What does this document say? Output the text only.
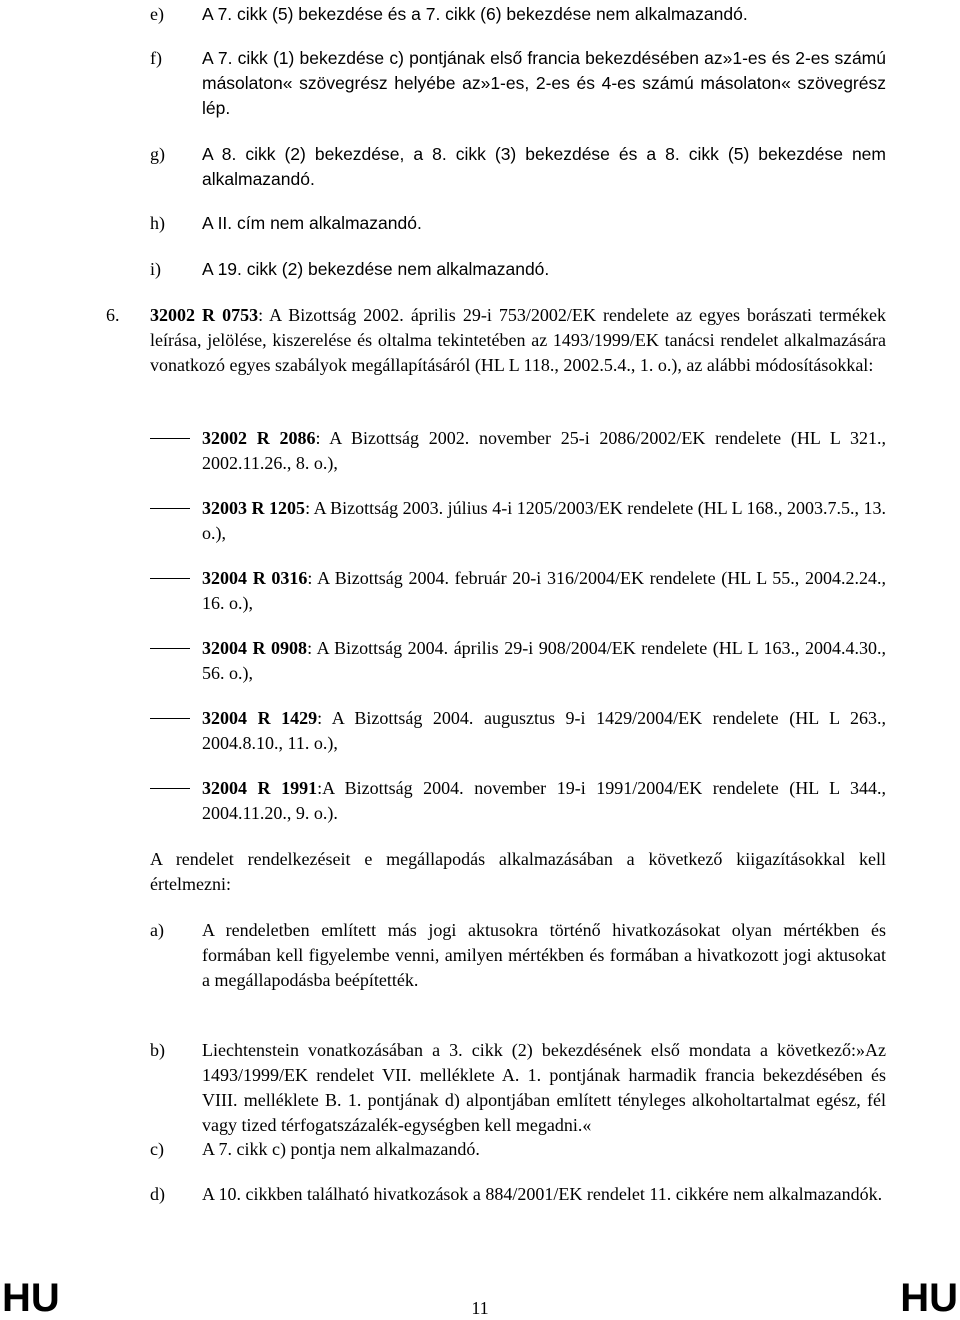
e) A 7. cikk (5) bekezdése és a 7. cikk (6) bekezdése nem alkalmazandó.
f) A 7. cikk (1) bekezdése c) pontjának első francia bekezdésében az»1-es és 2-es számú másolaton« szövegrész helyébe az»1-es, 2-es és 4-es számú másolaton« szövegrész lép.
g) A 8. cikk (2) bekezdése, a 8. cikk (3) bekezdése és a 8. cikk (5) bekezdése nem alkalmazandó.
h) A II. cím nem alkalmazandó.
i) A 19. cikk (2) bekezdése nem alkalmazandó.
6. 32002 R 0753: A Bizottság 2002. április 29-i 753/2002/EK rendelete az egyes borászati termékek leírása, jelölése, kiszerelése és oltalma tekintetében az 1493/1999/EK tanácsi rendelet alkalmazására vonatkozó egyes szabályok megállapításáról (HL L 118., 2002.5.4., 1. o.), az alábbi módosításokkal:
32002 R 2086: A Bizottság 2002. november 25-i 2086/2002/EK rendelete (HL L 321., 2002.11.26., 8. o.),
32003 R 1205: A Bizottság 2003. július 4-i 1205/2003/EK rendelete (HL L 168., 2003.7.5., 13. o.),
32004 R 0316: A Bizottság 2004. február 20-i 316/2004/EK rendelete (HL L 55., 2004.2.24., 16. o.),
32004 R 0908: A Bizottság 2004. április 29-i 908/2004/EK rendelete (HL L 163., 2004.4.30., 56. o.),
32004 R 1429: A Bizottság 2004. augusztus 9-i 1429/2004/EK rendelete (HL L 263., 2004.8.10., 11. o.),
32004 R 1991:A Bizottság 2004. november 19-i 1991/2004/EK rendelete (HL L 344., 2004.11.20., 9. o.).
A rendelet rendelkezéseit e megállapodás alkalmazásában a következő kiigazításokkal kell értelmezni:
a) A rendeletben említett más jogi aktusokra történő hivatkozásokat olyan mértékben és formában kell figyelembe venni, amilyen mértékben és formában a hivatkozott jogi aktusokat a megállapodásba beépítették.
b) Liechtenstein vonatkozásában a 3. cikk (2) bekezdésének első mondata a következő:»Az 1493/1999/EK rendelet VII. melléklete A. 1. pontjának harmadik francia bekezdésében és VIII. melléklete B. 1. pontjának d) alpontjában említett tényleges alkoholtartalmat egész, fél vagy tized térfogatszázalék-egységben kell megadni.«
c) A 7. cikk c) pontja nem alkalmazandó.
d) A 10. cikkben található hivatkozások a 884/2001/EK rendelet 11. cikkére nem alkalmazandók.
HU	11	HU
